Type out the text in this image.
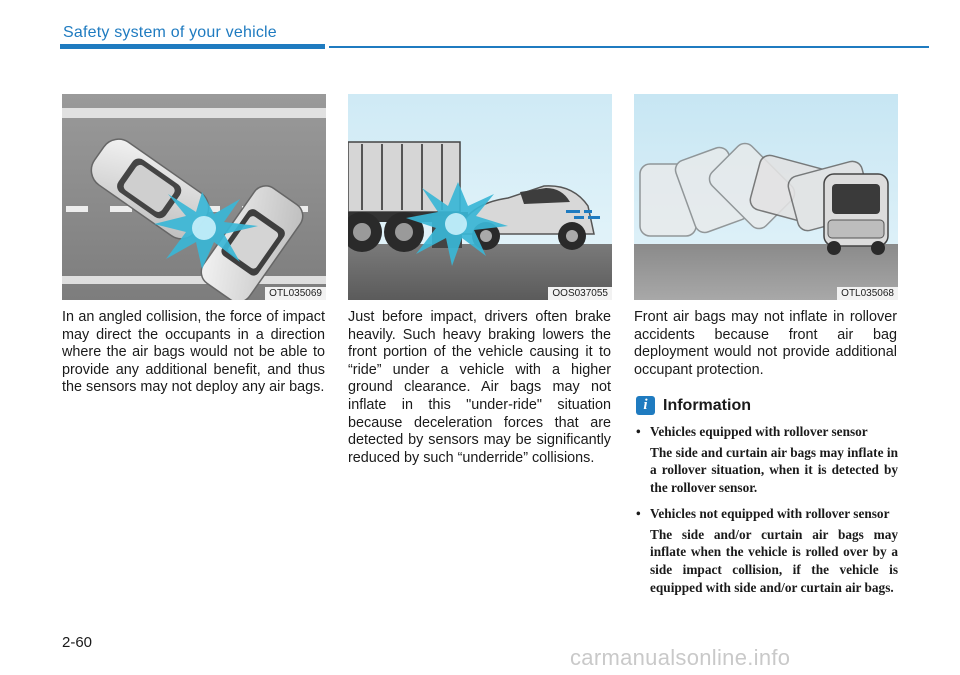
Safety system of your vehicle
OTL035069	OOS037055	OTL035068

In an angled collision, the force of impact may direct the occupants in a direction where the air bags would not be able to provide any additional benefit, and thus the sensors may not deploy any air bags.

Just before impact, drivers often brake heavily. Such heavy braking lowers the front portion of the vehicle causing it to “ride” under a vehicle with a higher ground clearance. Air bags may not inflate in this "under-ride" situation because deceleration forces that are detected by sensors may be significantly reduced by such “underride” collisions.

Front air bags may not inflate in rollover accidents because front air bag deployment would not provide additional occupant protection.

i Information
• Vehicles equipped with rollover sensor
The side and curtain air bags may inflate in a rollover situation, when it is detected by the rollover sensor.
• Vehicles not equipped with rollover sensor
The side and/or curtain air bags may inflate when the vehicle is rolled over by a side impact collision, if the vehicle is equipped with side and/or curtain air bags.
2-60
carmanualsonline.info
